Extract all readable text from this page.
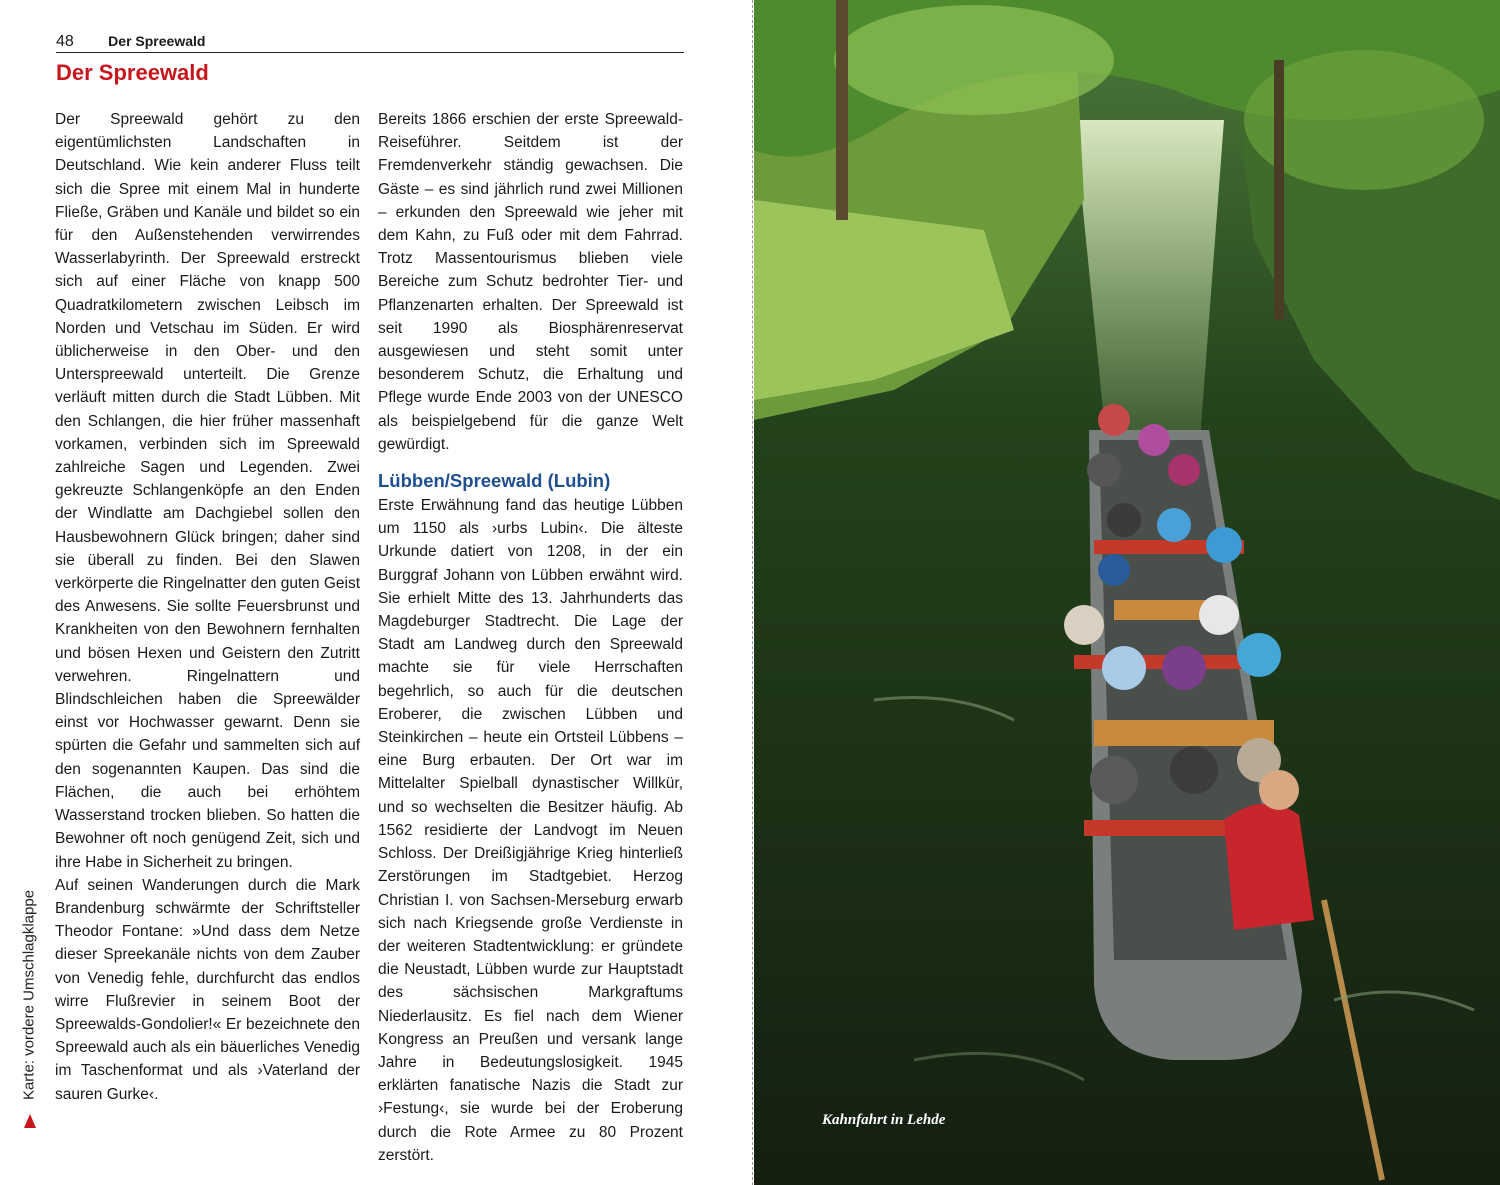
48 Der Spreewald
Der Spreewald

Der Spreewald gehört zu den eigentümlichsten Landschaften in Deutschland. Wie kein anderer Fluss teilt sich die Spree mit einem Mal in hunderte Fließe, Gräben und Kanäle und bildet so ein für den Außenstehenden verwirrendes Wasserlabyrinth. Der Spreewald erstreckt sich auf einer Fläche von knapp 500 Quadratkilometern zwischen Leibsch im Norden und Vetschau im Süden. Er wird üblicherweise in den Ober- und den Unterspreewald unterteilt. Die Grenze verläuft mitten durch die Stadt Lübben. Mit den Schlangen, die hier früher massenhaft vorkamen, verbinden sich im Spreewald zahlreiche Sagen und Legenden. Zwei gekreuzte Schlangenköpfe an den Enden der Windlatte am Dachgiebel sollen den Hausbewohnern Glück bringen; daher sind sie überall zu finden. Bei den Slawen verkörperte die Ringelnatter den guten Geist des Anwesens. Sie sollte Feuersbrunst und Krankheiten von den Bewohnern fernhalten und bösen Hexen und Geistern den Zutritt verwehren. Ringelnattern und Blindschleichen haben die Spreewälder einst vor Hochwasser gewarnt. Denn sie spürten die Gefahr und sammelten sich auf den sogenannten Kaupen. Das sind die Flächen, die auch bei erhöhtem Wasserstand trocken blieben. So hatten die Bewohner oft noch genügend Zeit, sich und ihre Habe in Sicherheit zu bringen.

Auf seinen Wanderungen durch die Mark Brandenburg schwärmte der Schriftsteller Theodor Fontane: »Und dass dem Netze dieser Spreekanäle nichts von dem Zauber von Venedig fehle, durchfurcht das endlos wirre Flußrevier in seinem Boot der Spreewalds-Gondolier!« Er bezeichnete den Spreewald auch als ein bäuerliches Venedig im Taschenformat und als ›Vaterland der sauren Gurke‹.

Bereits 1866 erschien der erste Spreewald-Reiseführer. Seitdem ist der Fremdenverkehr ständig gewachsen. Die Gäste – es sind jährlich rund zwei Millionen – erkunden den Spreewald wie jeher mit dem Kahn, zu Fuß oder mit dem Fahrrad. Trotz Massentourismus blieben viele Bereiche zum Schutz bedrohter Tier- und Pflanzenarten erhalten. Der Spreewald ist seit 1990 als Biosphärenreservat ausgewiesen und steht somit unter besonderem Schutz, die Erhaltung und Pflege wurde Ende 2003 von der UNESCO als beispielgebend für die ganze Welt gewürdigt.

Lübben/Spreewald (Lubin)

Erste Erwähnung fand das heutige Lübben um 1150 als ›urbs Lubin‹. Die älteste Urkunde datiert von 1208, in der ein Burggraf Johann von Lübben erwähnt wird. Sie erhielt Mitte des 13. Jahrhunderts das Magdeburger Stadtrecht. Die Lage der Stadt am Landweg durch den Spreewald machte sie für viele Herrschaften begehrlich, so auch für die deutschen Eroberer, die zwischen Lübben und Steinkirchen – heute ein Ortsteil Lübbens – eine Burg erbauten. Der Ort war im Mittelalter Spielball dynastischer Willkür, und so wechselten die Besitzer häufig. Ab 1562 residierte der Landvogt im Neuen Schloss. Der Dreißigjährige Krieg hinterließ Zerstörungen im Stadtgebiet. Herzog Christian I. von Sachsen-Merseburg erwarb sich nach Kriegsende große Verdienste in der weiteren Stadtentwicklung: er gründete die Neustadt, Lübben wurde zur Hauptstadt des sächsischen Markgraftums Niederlausitz. Es fiel nach dem Wiener Kongress an Preußen und versank lange Jahre in Bedeutungslosigkeit. 1945 erklärten fanatische Nazis die Stadt zur ›Festung‹, sie wurde bei der Eroberung durch die Rote Armee zu 80 Prozent zerstört.

Karte: vordere Umschlagklappe
Kahnfahrt in Lehde
